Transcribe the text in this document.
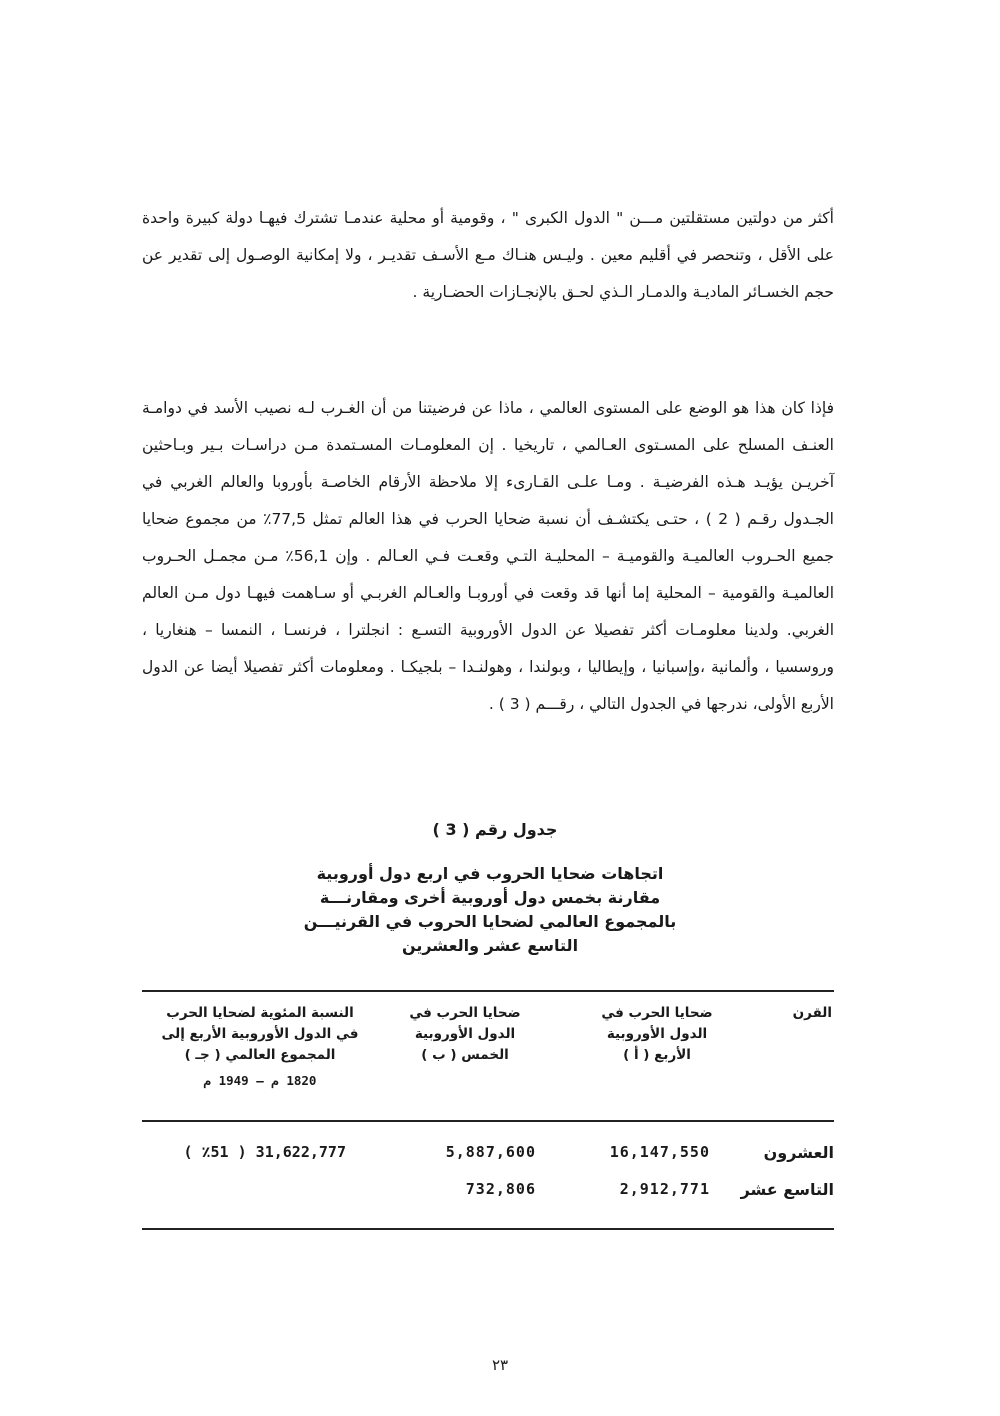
أكثر من دولتين مستقلتين مـــن " الدول الكبرى " ، وقومية أو محلية عندمـا تشترك فيهـا دولة كبيرة واحدة على الأقل ، وتنحصر في أقليم معين . وليـس هنـاك مـع الأسـف تقديـر ، ولا إمكانية الوصـول إلى تقدير عن حجم الخسـائر الماديـة والدمـار الـذي لحـق بالإنجـازات الحضـارية .

فإذا كان هذا هو الوضع على المستوى العالمي ، ماذا عن فرضيتنا من أن الغـرب لـه نصيب الأسد في دوامـة العنـف المسلح على المسـتوى العـالمي ، تاريخيا . إن المعلومـات المسـتمدة مـن دراسـات بـير وبـاحثين آخريـن يؤيـد هـذه الفرضيـة . ومـا علـى القـارىء إلا ملاحظة الأرقام الخاصـة بأوروبا والعالم الغربي في الجـدول رقـم ( 2 ) ، حتـى يكتشـف أن نسبة ضحايا الحرب في هذا العالم تمثل 77,5٪ من مجموع ضحايا جميع الحـروب العالميـة والقوميـة – المحليـة التـي وقعـت فـي العـالم . وإن 56,1٪ مـن مجمـل الحـروب العالميـة والقومية – المحلية إما أنها قد وقعت في أوروبـا والعـالم الغربـي أو سـاهمت فيهـا دول مـن العالم الغربي. ولدينا معلومـات أكثر تفصيلا عن الدول الأوروبية التسـع : انجلترا ، فرنسـا ، النمسا – هنغاريا ، وروسسيا ، وألمانية ،وإسبانيا ، وإيطاليا ، وبولندا ، وهولنـدا – بلجيكـا . ومعلومات أكثر تفصيلا أيضا عن الدول الأربع الأولى، ندرجها في الجدول التالي ، رقـــم ( 3 ) .

جدول رقم ( 3 )
اتجاهات ضحايا الحروب في اربع دول أوروبية
مقارنة بخمس دول أوروبية أخرى ومقارنـــة
بالمجموع العالمي لضحايا الحروب في القرنيـــن
التاسع عشر والعشرين
القرن
ضحايا الحرب في
الدول الأوروبية
الأربع ( أ )
ضحايا الحرب في
الدول الأوروبية
الخمس ( ب )
النسبة المئوية لضحايا الحرب
في الدول الأوروبية الأربع إلى
المجموع العالمي ( جـ )
1820 م – 1949 م
العشرون
16,147,550
5,887,600
( ٪51 ) 31,622,777
التاسع عشر
2,912,771
732,806
٢٣
